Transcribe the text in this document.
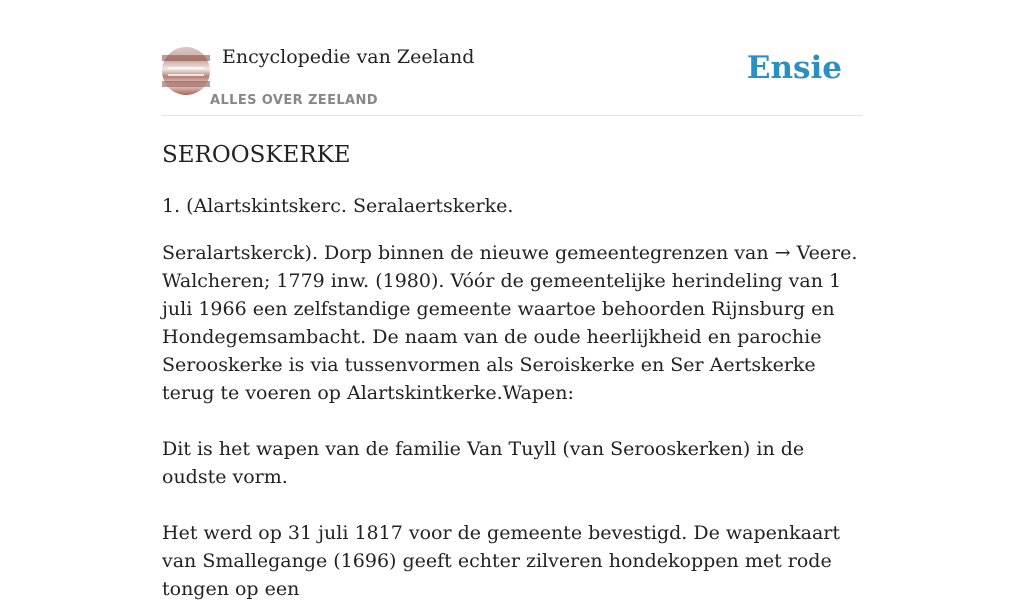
Encyclopedie van Zeeland
ALLES OVER ZEELAND
Ensie
SEROOSKERKE

1. (Alartskintskerc. Seralaertskerke.

Seralartskerck). Dorp binnen de nieuwe gemeentegrenzen van → Veere. Walcheren; 1779 inw. (1980). Vóór de gemeentelijke herindeling van 1 juli 1966 een zelfstandige gemeente waartoe behoorden Rijnsburg en Hondegemsambacht. De naam van de oude heerlijkheid en parochie Serooskerke is via tussenvormen als Seroiskerke en Ser Aertskerke terug te voeren op Alartskintkerke.Wapen:

Dit is het wapen van de familie Van Tuyll (van Serooskerken) in de oudste vorm.

Het werd op 31 juli 1817 voor de gemeente bevestigd. De wapenkaart van Smallegange (1696) geeft echter zilveren hondekoppen met rode tongen op een
